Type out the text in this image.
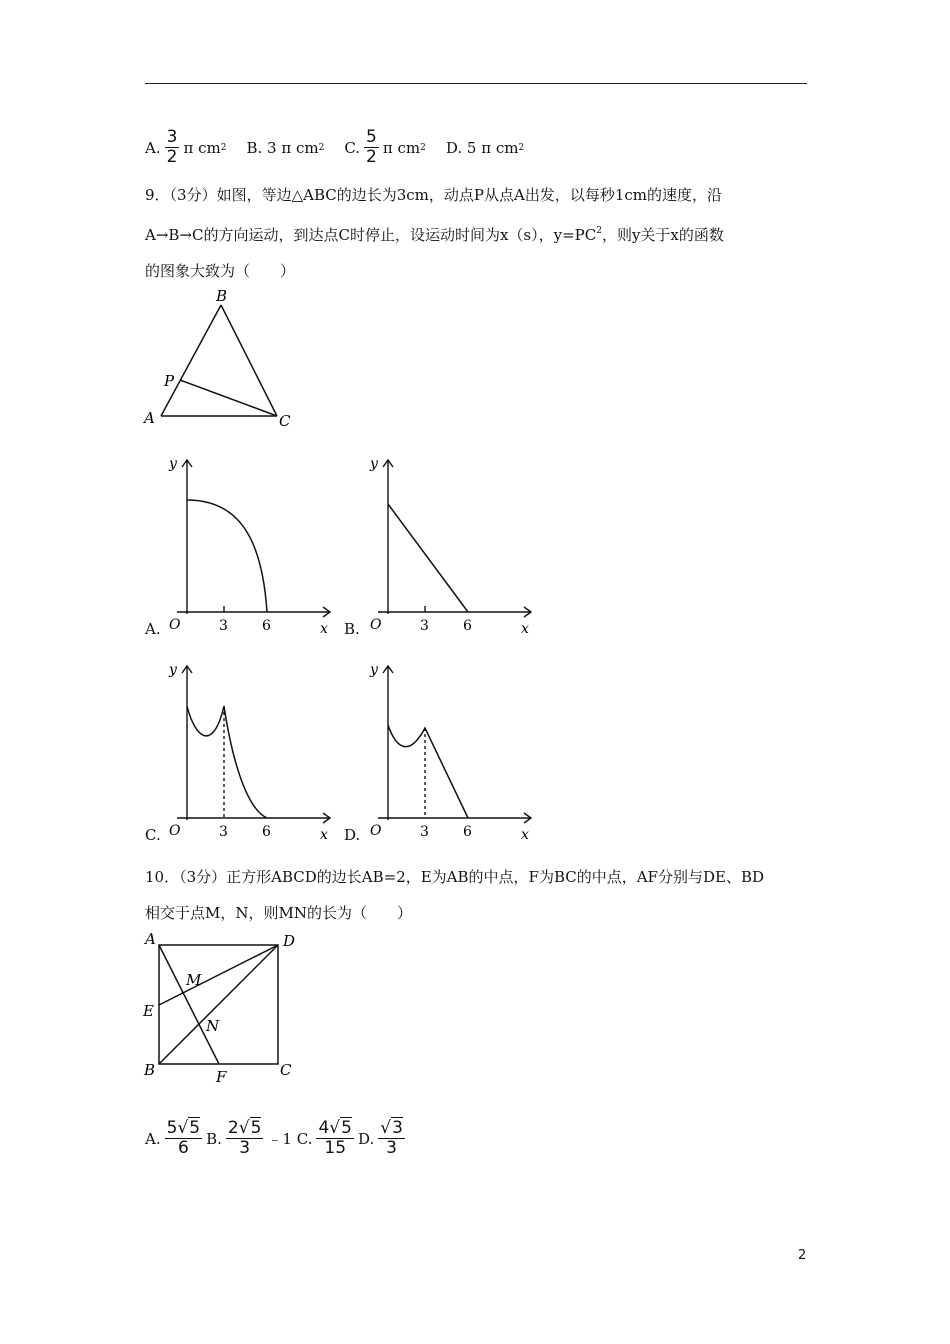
A. $\frac{3}{2}$ π cm 2 B.
3 π cm 2 C. $\frac{5}{2}$ π cm 2 D.
5 π cm 2
9．（3分）如图，等边△ABC的边长为3cm，动点P从点A出发，以每秒1cm的速度，沿
A→B→C的方向运动，到达点C时停止，设运动时间为x（s），$y=PC^2$，则y关于x的函数
的图象大致为（　　）
B
P
A	C
A.
y
O	3 6	x B.
y
O	3 6	x
C.
y
O	3 6	x D.
y
O	3 6	x
10．（3分）正方形ABCD的边长AB=2，E为AB的中点，F为BC的中点，AF分别与DE、BD
相交于点M，N，则MN的长为（　　）
A	D
E
M
N
B	F	C
A. $\frac{5√5}{6} B$. $\frac{2√5}{3}$ ﹣1
C. $\frac{4√5}{15} D$. $\frac{√3}{3}$
2
